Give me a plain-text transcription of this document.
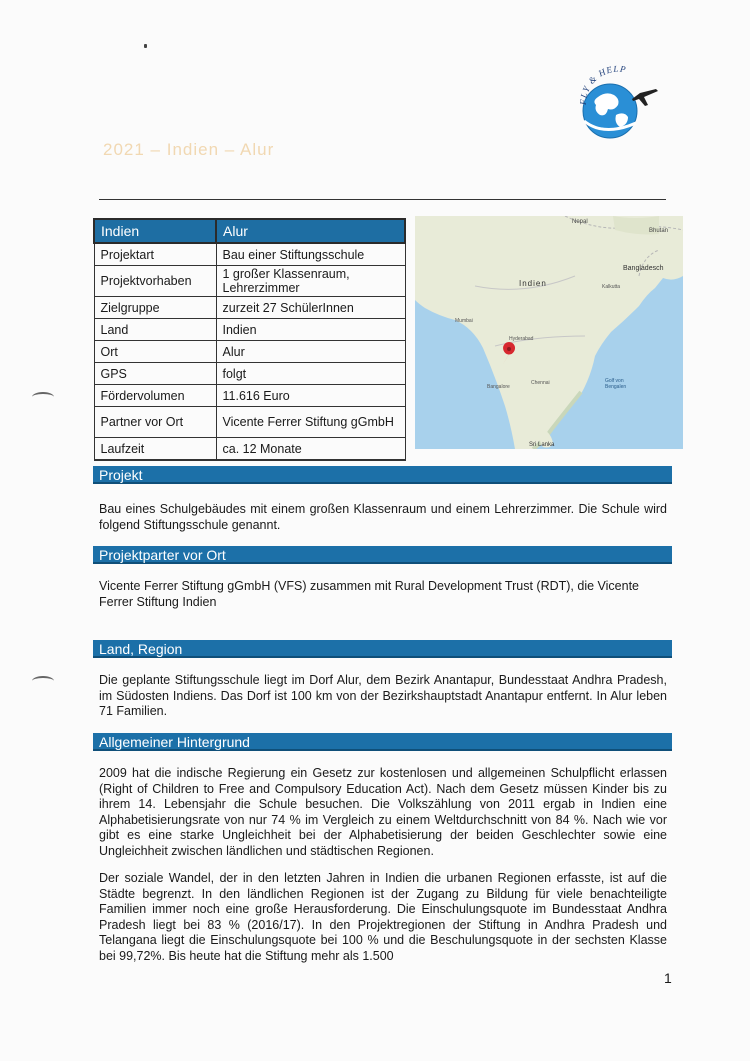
FLY & HELP
2021 – Indien – Alur
Indien	Alur
Projektart	Bau einer Stiftungsschule
Projektvorhaben	1 großer Klassenraum, Lehrerzimmer
Zielgruppe	zurzeit 27 SchülerInnen
Land	Indien
Ort	Alur
GPS	folgt
Fördervolumen	11.616 Euro
Partner vor Ort	Vicente Ferrer Stiftung gGmbH
Laufzeit	ca. 12 Monate
Nepal
Bhutan
Bangladesch
Indien	Kalkutta
Mumbai
Hyderabad
Bangalore
Chennai	Golf von
Bengalen
Sri Lanka
Projekt
Bau eines Schulgebäudes mit einem großen Klassenraum und einem Lehrerzimmer. Die Schule wird folgend Stiftungsschule genannt.
Projektparter vor Ort
Vicente Ferrer Stiftung gGmbH (VFS) zusammen mit Rural Development Trust (RDT), die Vicente Ferrer Stiftung Indien
Land, Region
Die geplante Stiftungsschule liegt im Dorf Alur, dem Bezirk Anantapur, Bundesstaat Andhra Pradesh, im Südosten Indiens. Das Dorf ist 100 km von der Bezirkshauptstadt Anantapur entfernt. In Alur leben 71 Familien.
Allgemeiner Hintergrund
2009 hat die indische Regierung ein Gesetz zur kostenlosen und allgemeinen Schulpflicht erlassen (Right of Children to Free and Compulsory Education Act). Nach dem Gesetz müssen Kinder bis zu ihrem 14. Lebensjahr die Schule besuchen. Die Volkszählung von 2011 ergab in Indien eine Alphabetisierungsrate von nur 74 % im Vergleich zu einem Weltdurchschnitt von 84 %. Nach wie vor gibt es eine starke Ungleichheit bei der Alphabetisierung der beiden Geschlechter sowie eine Ungleichheit zwischen ländlichen und städtischen Regionen.
Der soziale Wandel, der in den letzten Jahren in Indien die urbanen Regionen erfasste, ist auf die Städte begrenzt. In den ländlichen Regionen ist der Zugang zu Bildung für viele benachteiligte Familien immer noch eine große Herausforderung. Die Einschulungsquote im Bundesstaat Andhra Pradesh liegt bei 83 % (2016/17). In den Projektregionen der Stiftung in Andhra Pradesh und Telangana liegt die Einschulungsquote bei 100 % und die Beschulungsquote in der sechsten Klasse bei 99,72%. Bis heute hat die Stiftung mehr als 1.500
1
